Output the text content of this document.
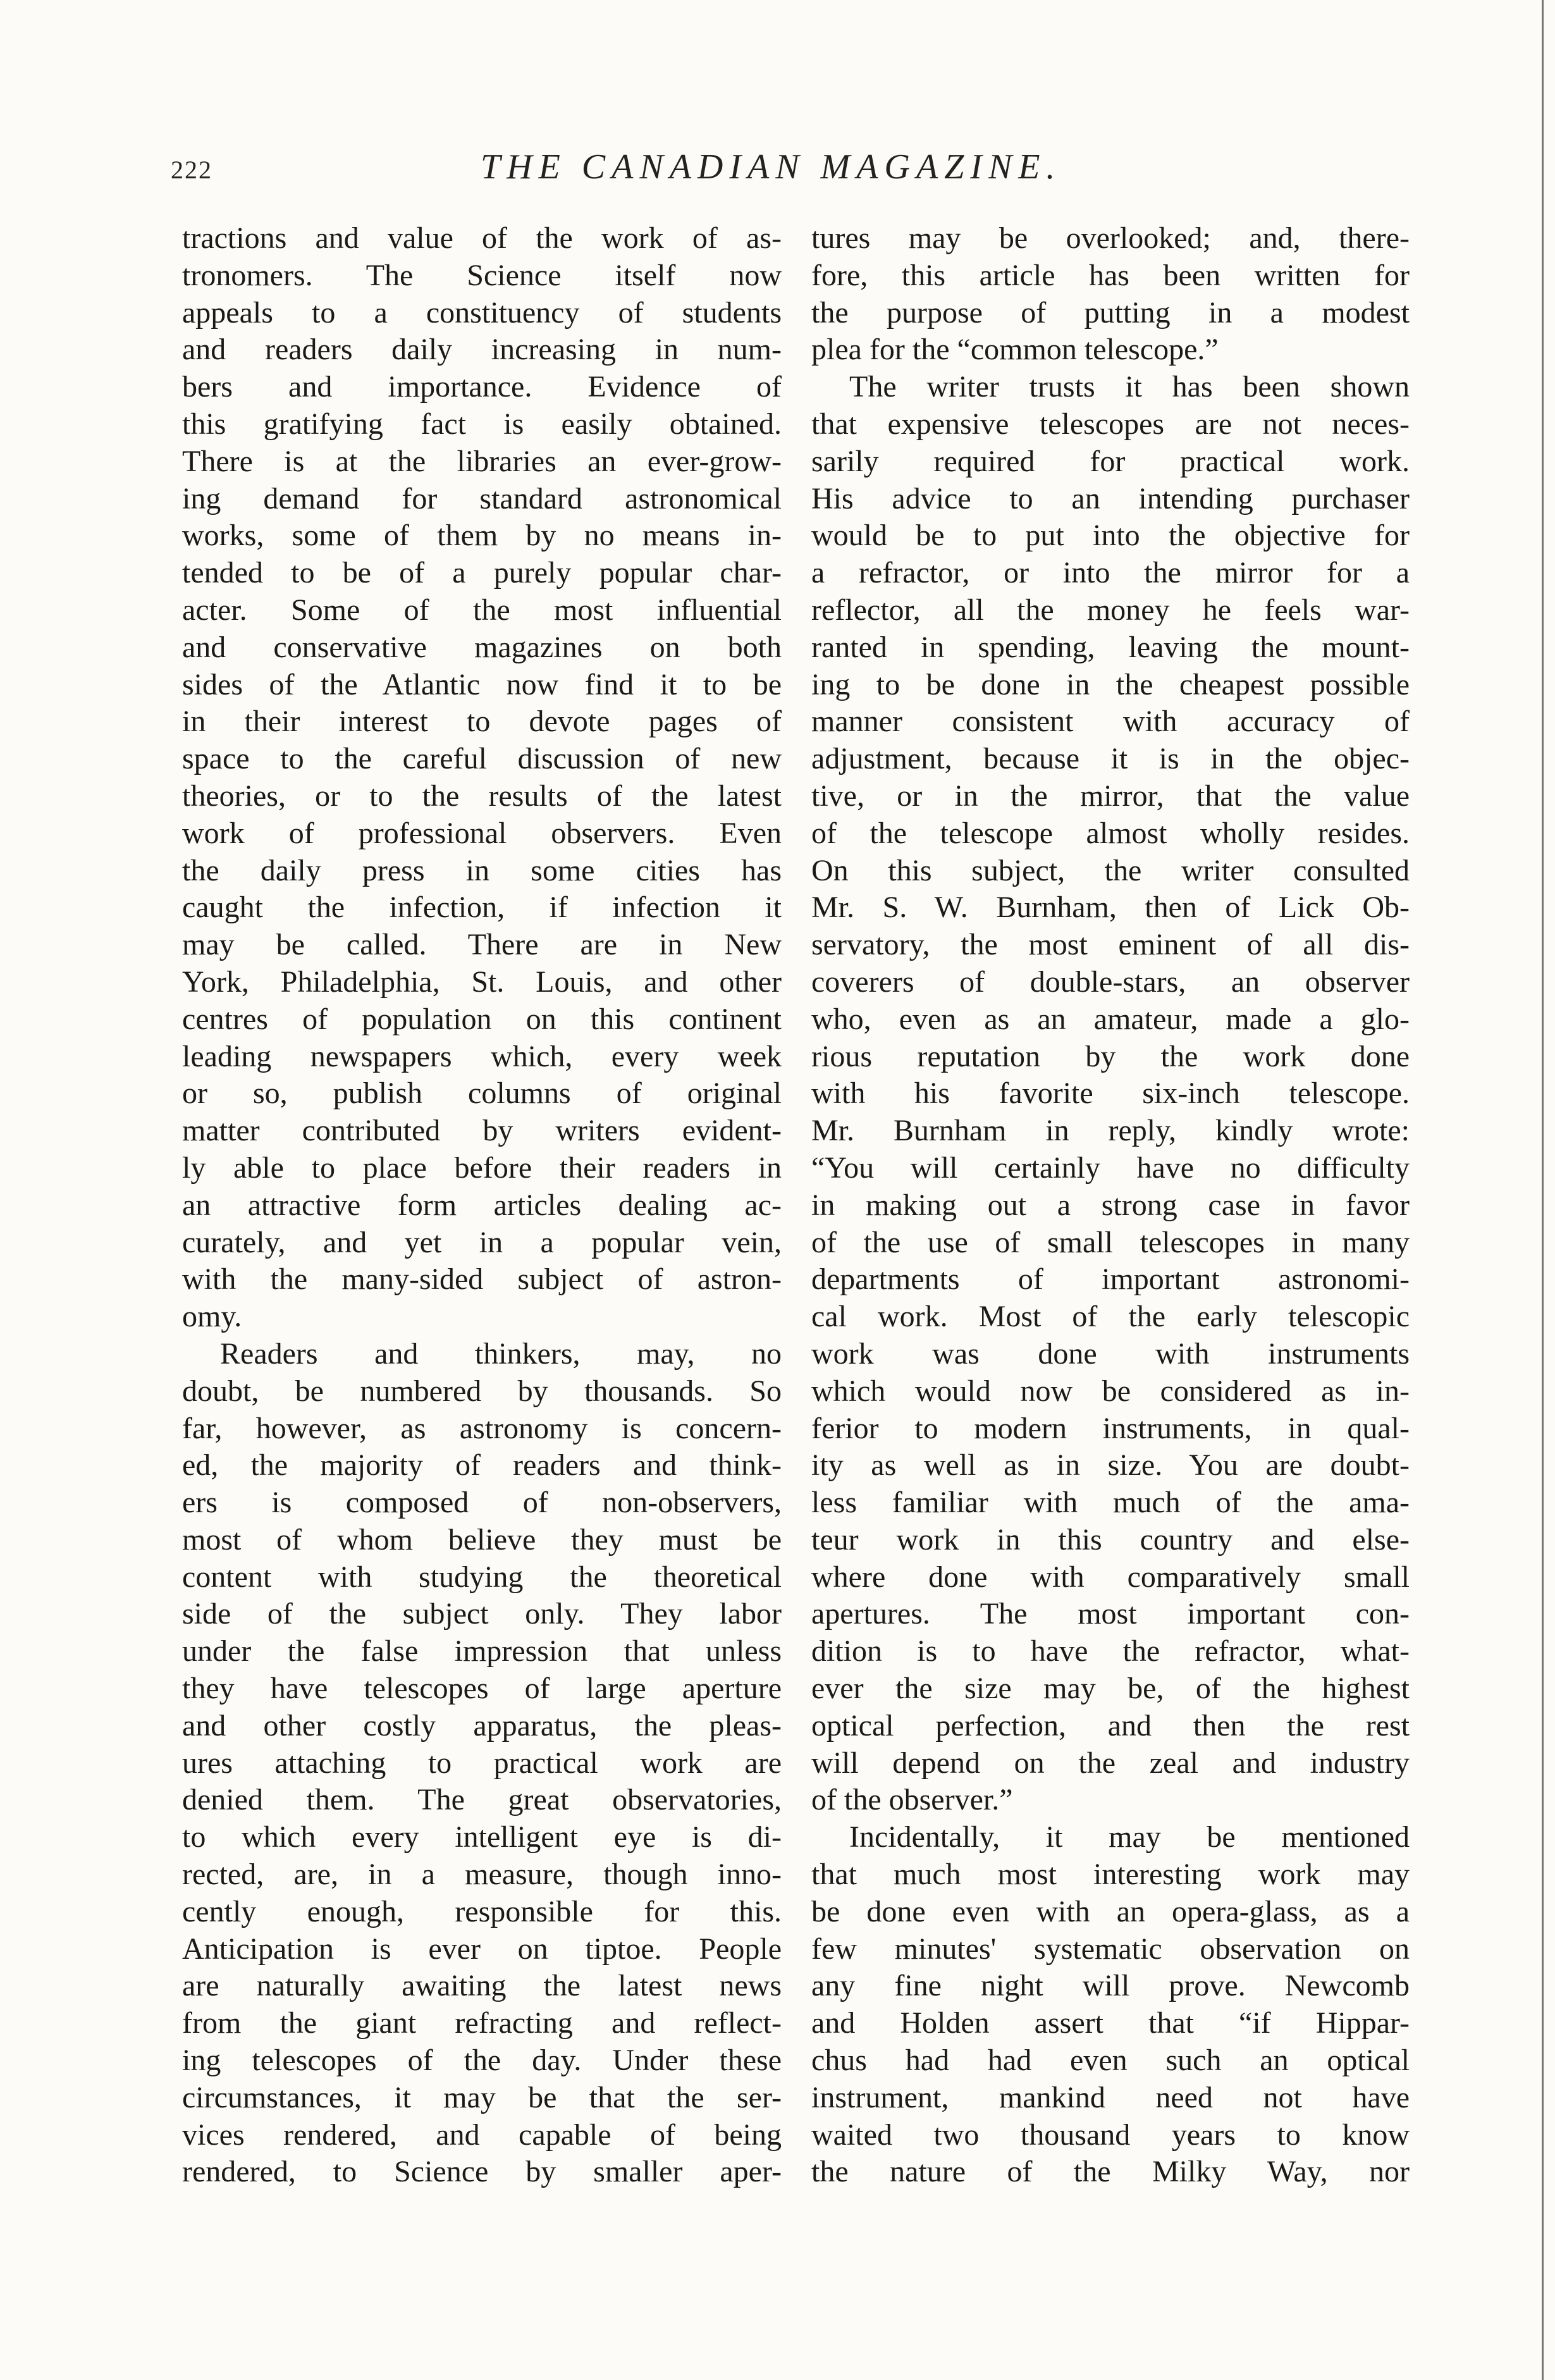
222	THE CANADIAN MAGAZINE.
tractions and value of the work of as-
tronomers. The Science itself now
appeals to a constituency of students
and readers daily increasing in num-
bers and importance. Evidence of
this gratifying fact is easily obtained.
There is at the libraries an ever-grow-
ing demand for standard astronomical
works, some of them by no means in-
tended to be of a purely popular char-
acter. Some of the most influential
and conservative magazines on both
sides of the Atlantic now find it to be
in their interest to devote pages of
space to the careful discussion of new
theories, or to the results of the latest
work of professional observers. Even
the daily press in some cities has
caught the infection, if infection it
may be called. There are in New
York, Philadelphia, St. Louis, and other
centres of population on this continent
leading newspapers which, every week
or so, publish columns of original
matter contributed by writers evident-
ly able to place before their readers in
an attractive form articles dealing ac-
curately, and yet in a popular vein,
with the many-sided subject of astron-
omy.
Readers and thinkers, may, no
doubt, be numbered by thousands. So
far, however, as astronomy is concern-
ed, the majority of readers and think-
ers is composed of non-observers,
most of whom believe they must be
content with studying the theoretical
side of the subject only. They labor
under the false impression that unless
they have telescopes of large aperture
and other costly apparatus, the pleas-
ures attaching to practical work are
denied them. The great observatories,
to which every intelligent eye is di-
rected, are, in a measure, though inno-
cently enough, responsible for this.
Anticipation is ever on tiptoe. People
are naturally awaiting the latest news
from the giant refracting and reflect-
ing telescopes of the day. Under these
circumstances, it may be that the ser-
vices rendered, and capable of being
rendered, to Science by smaller aper-
tures may be overlooked; and, there-
fore, this article has been written for
the purpose of putting in a modest
plea for the “common telescope.”
The writer trusts it has been shown
that expensive telescopes are not neces-
sarily required for practical work.
His advice to an intending purchaser
would be to put into the objective for
a refractor, or into the mirror for a
reflector, all the money he feels war-
ranted in spending, leaving the mount-
ing to be done in the cheapest possible
manner consistent with accuracy of
adjustment, because it is in the objec-
tive, or in the mirror, that the value
of the telescope almost wholly resides.
On this subject, the writer consulted
Mr. S. W. Burnham, then of Lick Ob-
servatory, the most eminent of all dis-
coverers of double-stars, an observer
who, even as an amateur, made a glo-
rious reputation by the work done
with his favorite six-inch telescope.
Mr. Burnham in reply, kindly wrote:
“You will certainly have no difficulty
in making out a strong case in favor
of the use of small telescopes in many
departments of important astronomi-
cal work. Most of the early telescopic
work was done with instruments
which would now be considered as in-
ferior to modern instruments, in qual-
ity as well as in size. You are doubt-
less familiar with much of the ama-
teur work in this country and else-
where done with comparatively small
apertures. The most important con-
dition is to have the refractor, what-
ever the size may be, of the highest
optical perfection, and then the rest
will depend on the zeal and industry
of the observer.”
Incidentally, it may be mentioned
that much most interesting work may
be done even with an opera-glass, as a
few minutes' systematic observation on
any fine night will prove. Newcomb
and Holden assert that “if Hippar-
chus had had even such an optical
instrument, mankind need not have
waited two thousand years to know
the nature of the Milky Way, nor
